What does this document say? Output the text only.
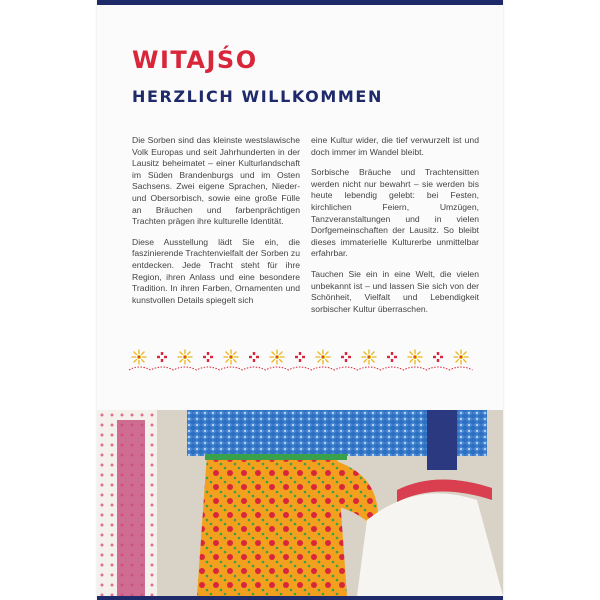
WITAJŚO
HERZLICH WILLKOMMEN

Die Sorben sind das kleinste westslawische Volk Europas und seit Jahrhunderten in der Lausitz beheimatet – einer Kulturlandschaft im Süden Brandenburgs und im Osten Sachsens. Zwei eigene Sprachen, Nieder- und Obersorbisch, sowie eine große Fülle an Bräuchen und farbenprächtigen Trachten prägen ihre kulturelle Identität.

Diese Ausstellung lädt Sie ein, die faszinierende Trachtenvielfalt der Sorben zu entdecken. Jede Tracht steht für ihre Region, ihren Anlass und eine besondere Tradition. In ihren Farben, Ornamenten und kunstvollen Details spiegelt sich

eine Kultur wider, die tief verwurzelt ist und doch immer im Wandel bleibt.

Sorbische Bräuche und Trachtensitten werden nicht nur bewahrt – sie werden bis heute lebendig gelebt: bei Festen, kirchlichen Feiern, Umzügen, Tanzveranstaltungen und in vielen Dorfgemeinschaften der Lausitz. So bleibt dieses immaterielle Kulturerbe unmittelbar erfahrbar.

Tauchen Sie ein in eine Welt, die vielen unbekannt ist – und lassen Sie sich von der Schönheit, Vielfalt und Lebendigkeit sorbischer Kultur überraschen.
